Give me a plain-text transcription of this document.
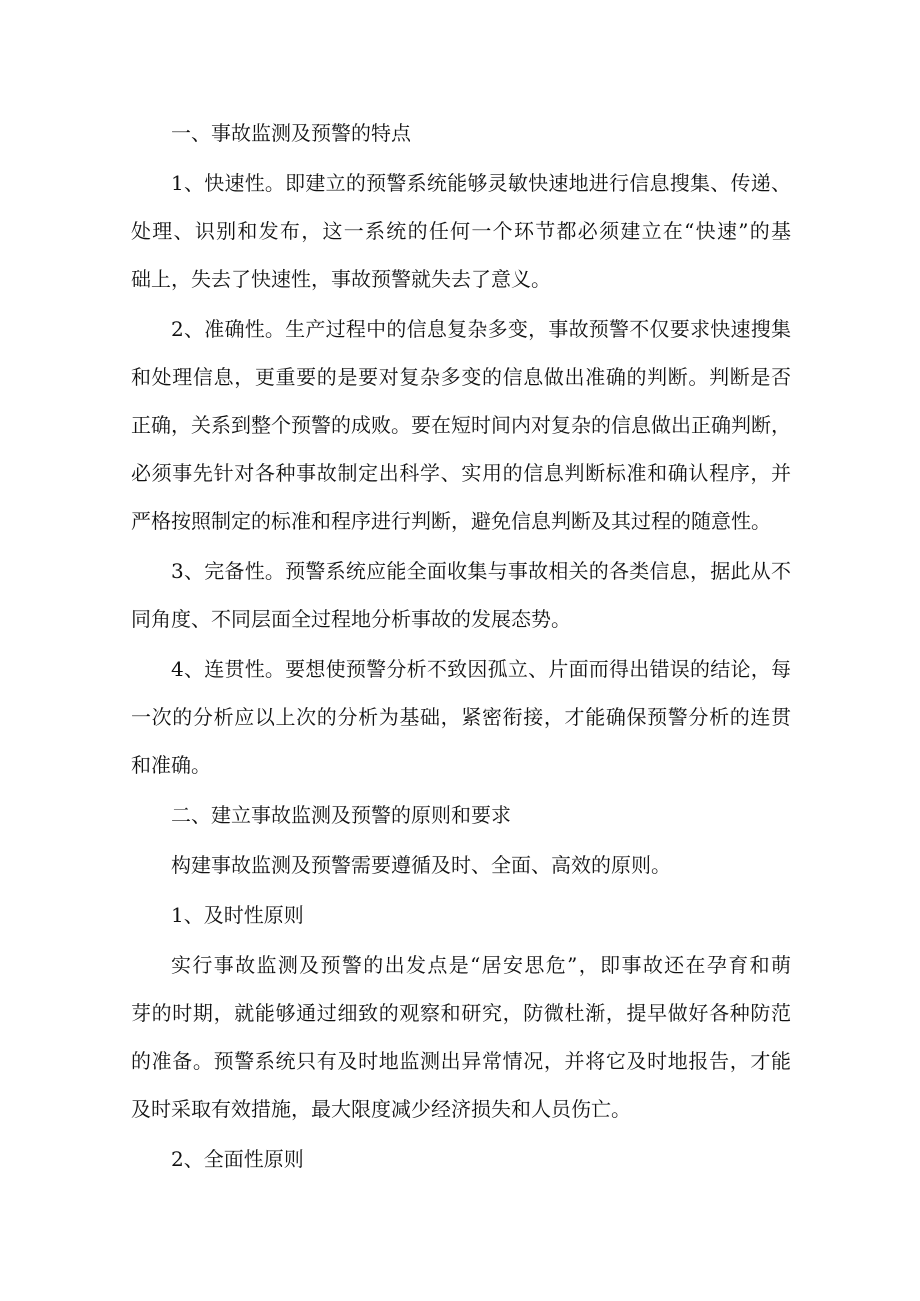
一、事故监测及预警的特点
1、快速性。即建立的预警系统能够灵敏快速地进行信息搜集、传递、
处理、识别和发布，这一系统的任何一个环节都必须建立在“快速”的基
础上，失去了快速性，事故预警就失去了意义。
2、准确性。生产过程中的信息复杂多变，事故预警不仅要求快速搜集
和处理信息，更重要的是要对复杂多变的信息做出准确的判断。判断是否
正确，关系到整个预警的成败。要在短时间内对复杂的信息做出正确判断，
必须事先针对各种事故制定出科学、实用的信息判断标准和确认程序，并
严格按照制定的标准和程序进行判断，避免信息判断及其过程的随意性。
3、完备性。预警系统应能全面收集与事故相关的各类信息，据此从不
同角度、不同层面全过程地分析事故的发展态势。
4、连贯性。要想使预警分析不致因孤立、片面而得出错误的结论，每
一次的分析应以上次的分析为基础，紧密衔接，才能确保预警分析的连贯
和准确。
二、建立事故监测及预警的原则和要求
构建事故监测及预警需要遵循及时、全面、高效的原则。
1、及时性原则
实行事故监测及预警的出发点是“居安思危”，即事故还在孕育和萌
芽的时期，就能够通过细致的观察和研究，防微杜渐，提早做好各种防范
的准备。预警系统只有及时地监测出异常情况，并将它及时地报告，才能
及时采取有效措施，最大限度减少经济损失和人员伤亡。
2、全面性原则
